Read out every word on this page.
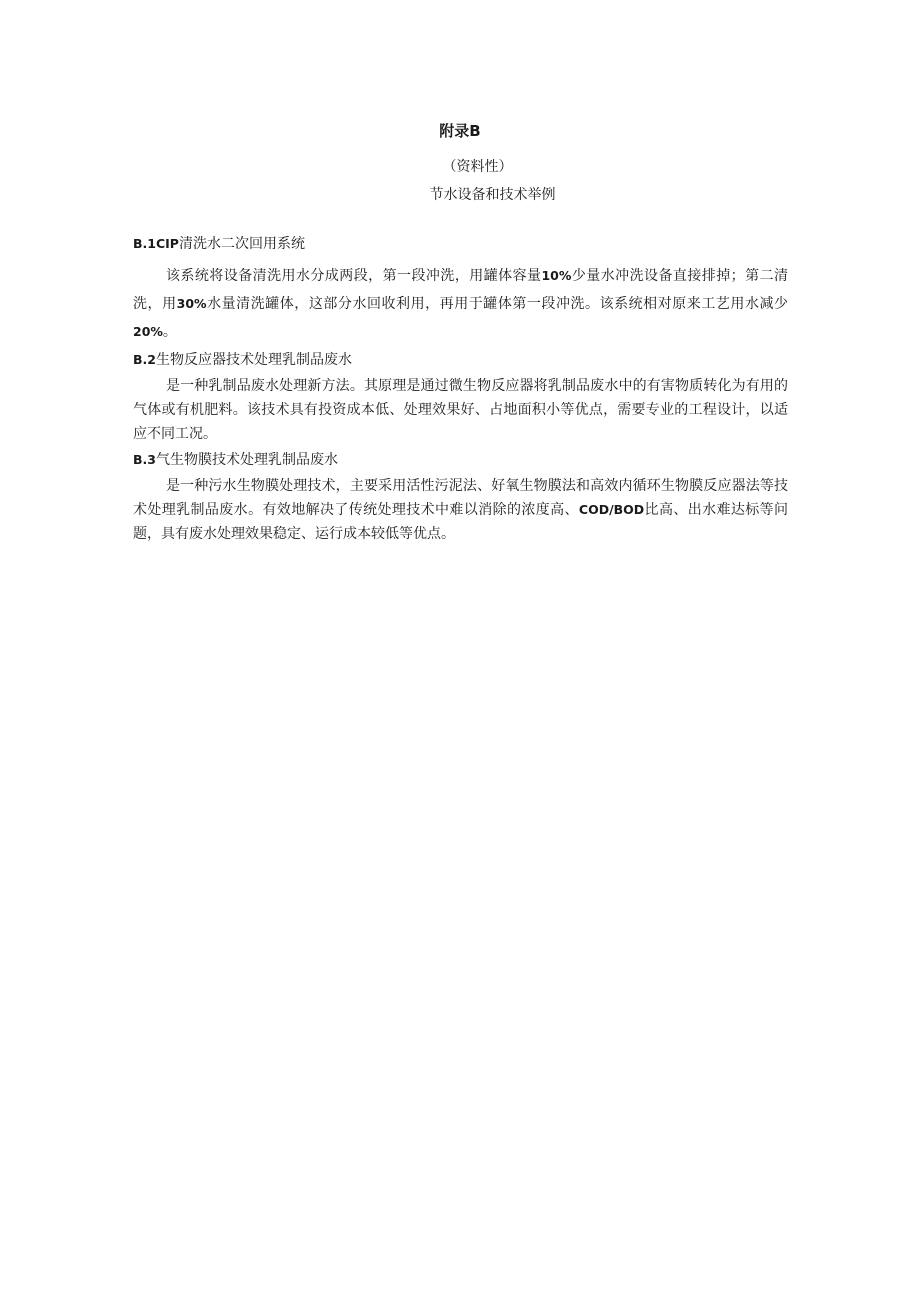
附录B
（资料性）
节水设备和技术举例
B.1CIP清洗水二次回用系统

该系统将设备清洗用水分成两段，第一段冲洗，用罐体容量10%少量水冲洗设备直接排掉；第二清洗，用30%水量清洗罐体，这部分水回收利用，再用于罐体第一段冲洗。该系统相对原来工艺用水减少20%。

B.2生物反应器技术处理乳制品废水

是一种乳制品废水处理新方法。其原理是通过微生物反应器将乳制品废水中的有害物质转化为有用的气体或有机肥料。该技术具有投资成本低、处理效果好、占地面积小等优点，需要专业的工程设计，以适应不同工况。

B.3气生物膜技术处理乳制品废水

是一种污水生物膜处理技术，主要采用活性污泥法、好氧生物膜法和高效内循环生物膜反应器法等技术处理乳制品废水。有效地解决了传统处理技术中难以消除的浓度高、COD/BOD比高、出水难达标等问题，具有废水处理效果稳定、运行成本较低等优点。
